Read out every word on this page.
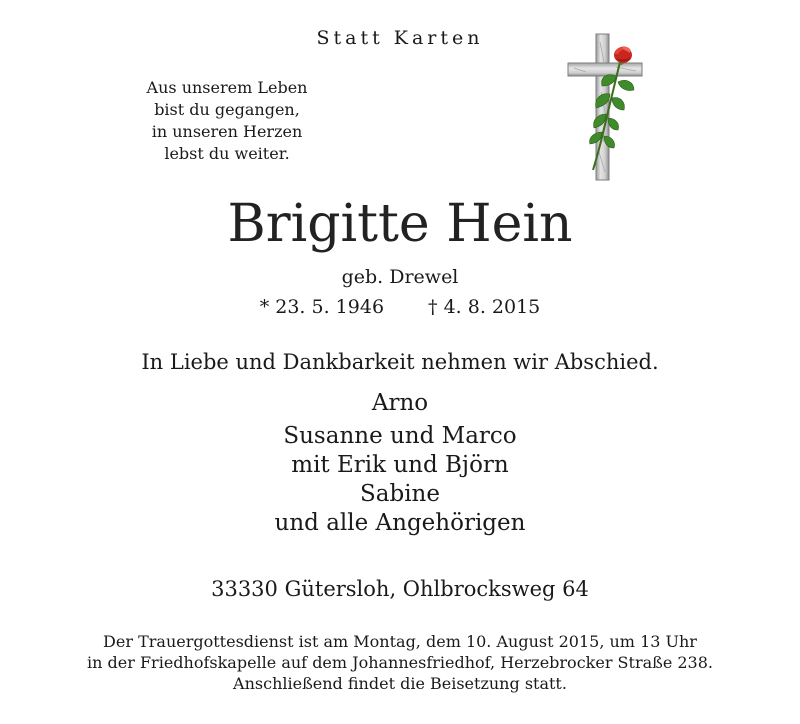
Statt Karten
Aus unserem Leben
bist du gegangen,
in unseren Herzen
lebst du weiter.
Brigitte Hein
geb. Drewel
* 23. 5. 1946 † 4. 8. 2015
In Liebe und Dankbarkeit nehmen wir Abschied.
Arno
Susanne und Marco
mit Erik und Björn
Sabine
und alle Angehörigen
33330 Gütersloh, Ohlbrocksweg 64
Der Trauergottesdienst ist am Montag, dem 10. August 2015, um 13 Uhr
in der Friedhofskapelle auf dem Johannesfriedhof, Herzebrocker Straße 238.
Anschließend findet die Beisetzung statt.
